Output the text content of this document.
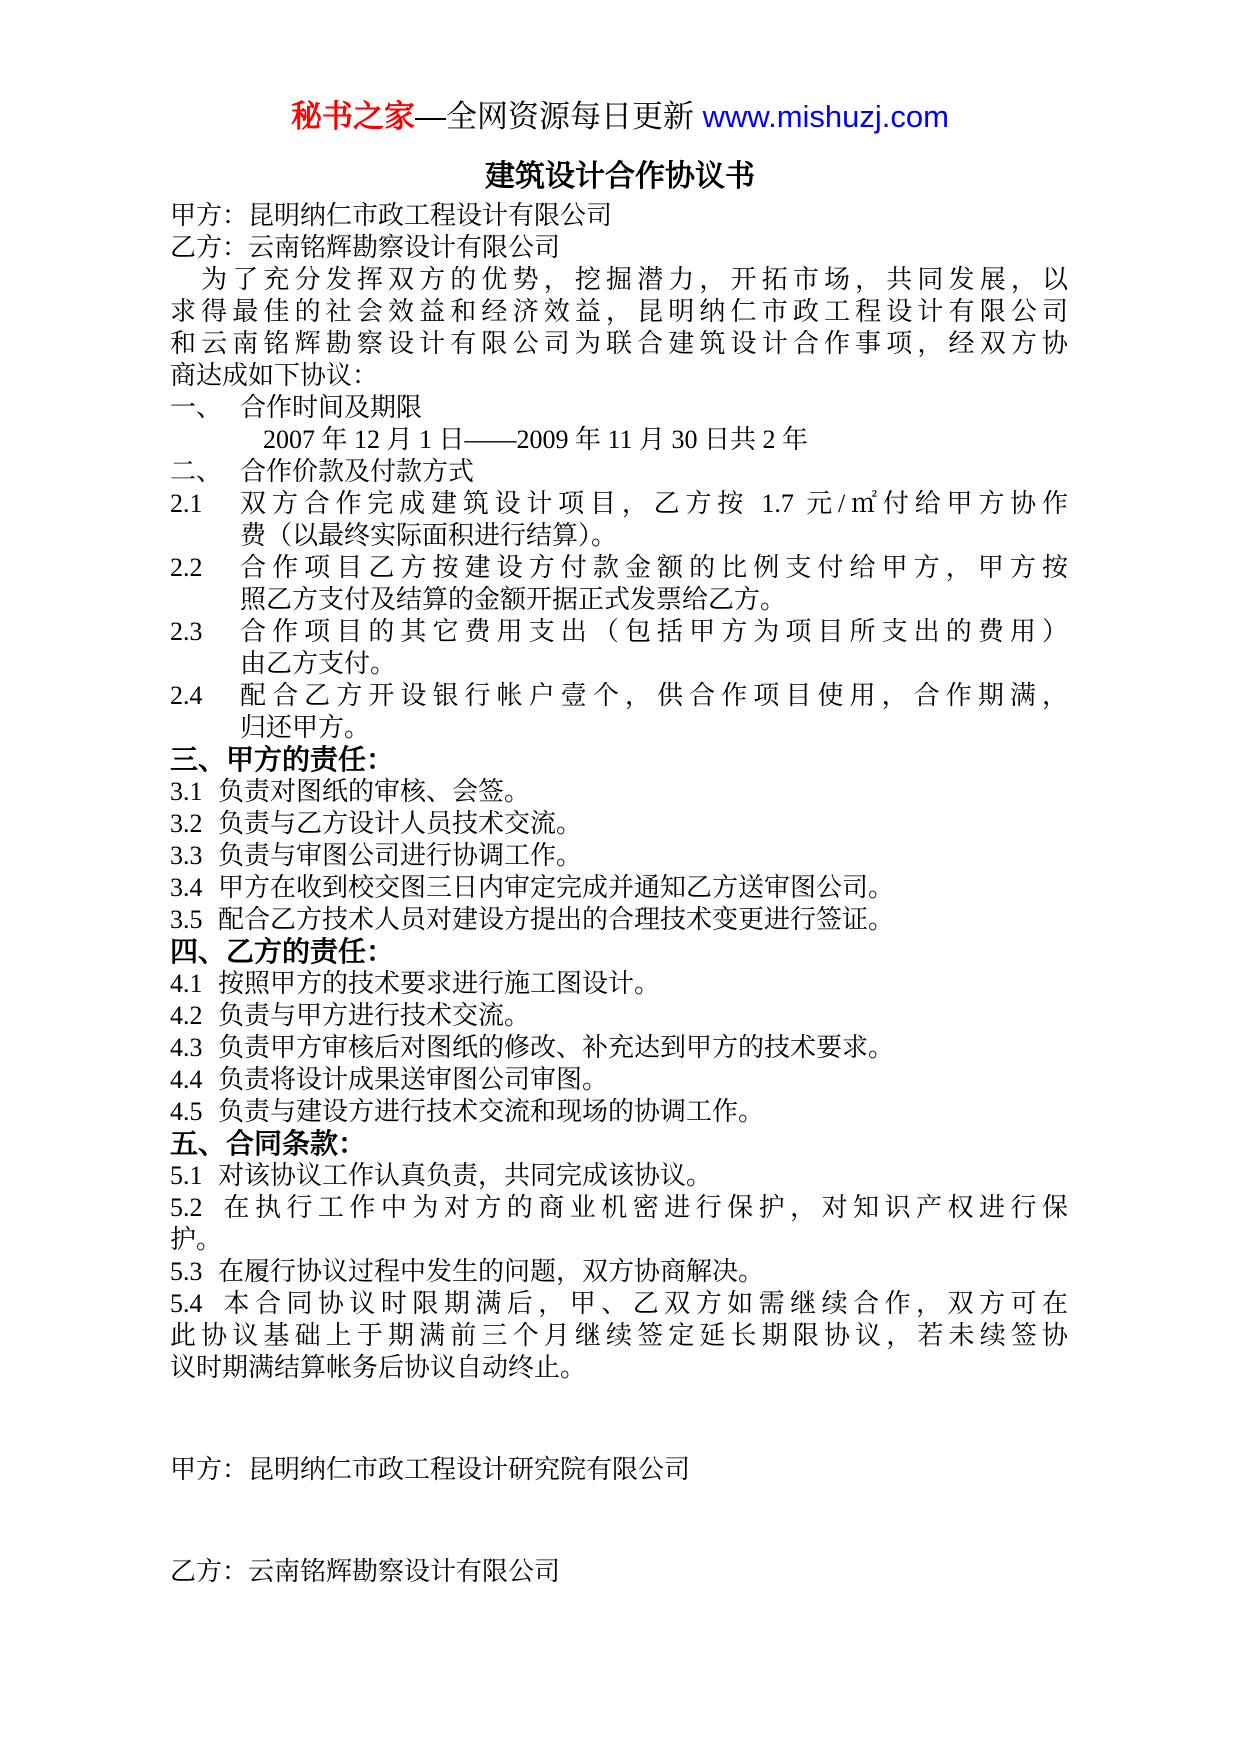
秘书之家—全网资源每日更新 www.mishuzj.com
建筑设计合作协议书
甲方：昆明纳仁市政工程设计有限公司
乙方：云南铭辉勘察设计有限公司
　为了充分发挥双方的优势，挖掘潜力，开拓市场，共同发展，以
求得最佳的社会效益和经济效益，昆明纳仁市政工程设计有限公司
和云南铭辉勘察设计有限公司为联合建筑设计合作事项，经双方协
商达成如下协议：
一、 合作时间及期限
2007 年 12 月 1 日——2009 年 11 月 30 日共 2 年
二、 合作价款及付款方式
2.1 双方合作完成建筑设计项目，乙方按 1.7 元/㎡付给甲方协作
费（以最终实际面积进行结算）。
2.2 合作项目乙方按建设方付款金额的比例支付给甲方，甲方按
照乙方支付及结算的金额开据正式发票给乙方。
2.3 合作项目的其它费用支出（包括甲方为项目所支出的费用）
由乙方支付。
2.4 配合乙方开设银行帐户壹个，供合作项目使用，合作期满，
归还甲方。
三、甲方的责任：
3.1 负责对图纸的审核、会签。
3.2 负责与乙方设计人员技术交流。
3.3 负责与审图公司进行协调工作。
3.4 甲方在收到校交图三日内审定完成并通知乙方送审图公司。
3.5 配合乙方技术人员对建设方提出的合理技术变更进行签证。
四、乙方的责任：
4.1 按照甲方的技术要求进行施工图设计。
4.2 负责与甲方进行技术交流。
4.3 负责甲方审核后对图纸的修改、补充达到甲方的技术要求。
4.4 负责将设计成果送审图公司审图。
4.5 负责与建设方进行技术交流和现场的协调工作。
五、合同条款：
5.1 对该协议工作认真负责，共同完成该协议。
5.2 在执行工作中为对方的商业机密进行保护，对知识产权进行保
护。
5.3 在履行协议过程中发生的问题，双方协商解决。
5.4 本合同协议时限期满后，甲、乙双方如需继续合作，双方可在
此协议基础上于期满前三个月继续签定延长期限协议，若未续签协
议时期满结算帐务后协议自动终止。
甲方：昆明纳仁市政工程设计研究院有限公司
乙方：云南铭辉勘察设计有限公司
